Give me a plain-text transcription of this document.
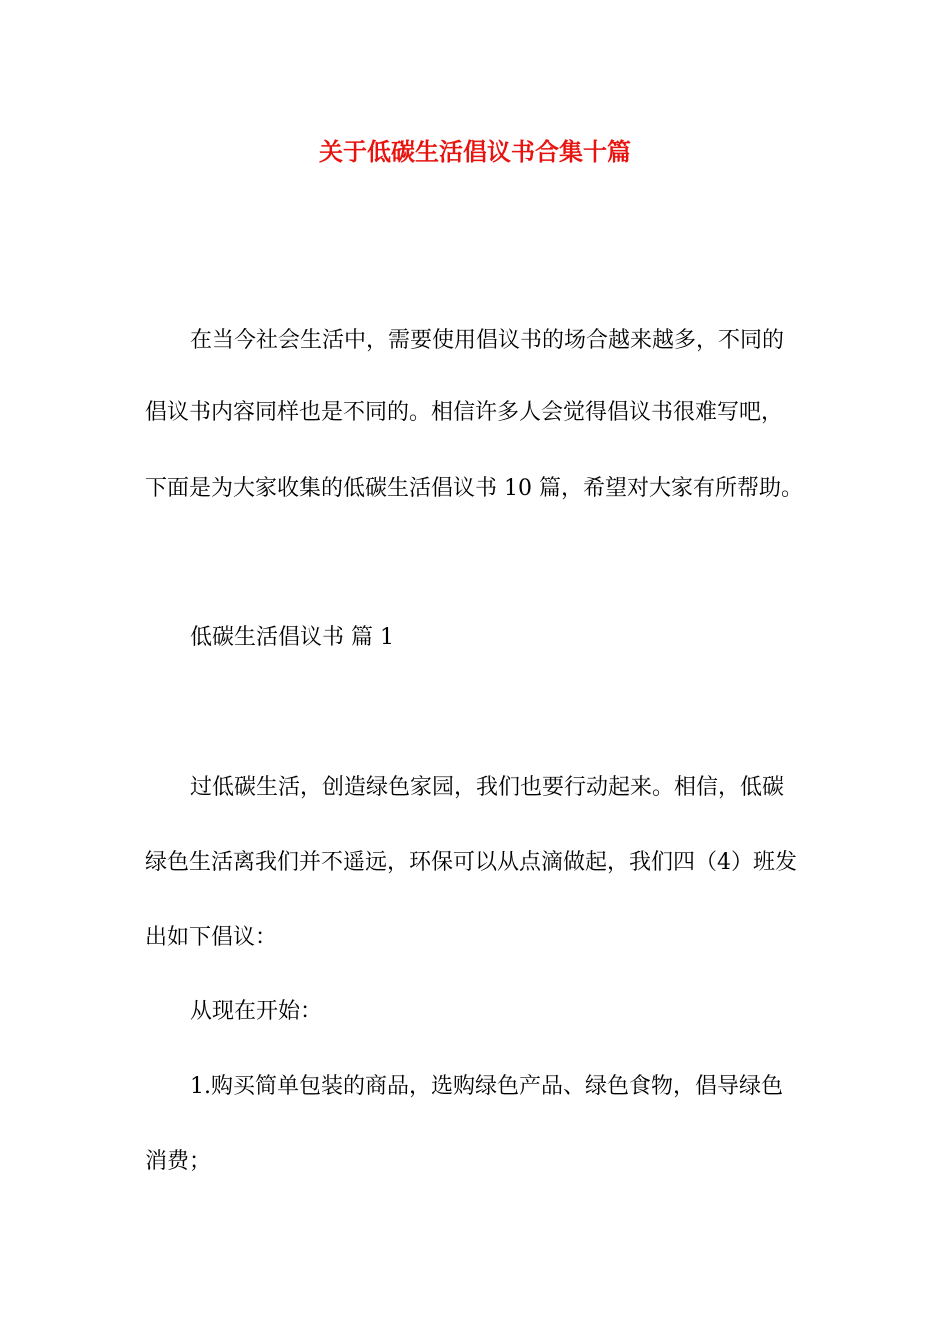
关于低碳生活倡议书合集十篇
在当今社会生活中，需要使用倡议书的场合越来越多，不同的
倡议书内容同样也是不同的。相信许多人会觉得倡议书很难写吧，
下面是为大家收集的低碳生活倡议书 10 篇，希望对大家有所帮助。
低碳生活倡议书 篇 1
过低碳生活，创造绿色家园，我们也要行动起来。相信，低碳
绿色生活离我们并不遥远，环保可以从点滴做起，我们四（4）班发
出如下倡议：
从现在开始：
1.购买简单包装的商品，选购绿色产品、绿色食物，倡导绿色
消费；
